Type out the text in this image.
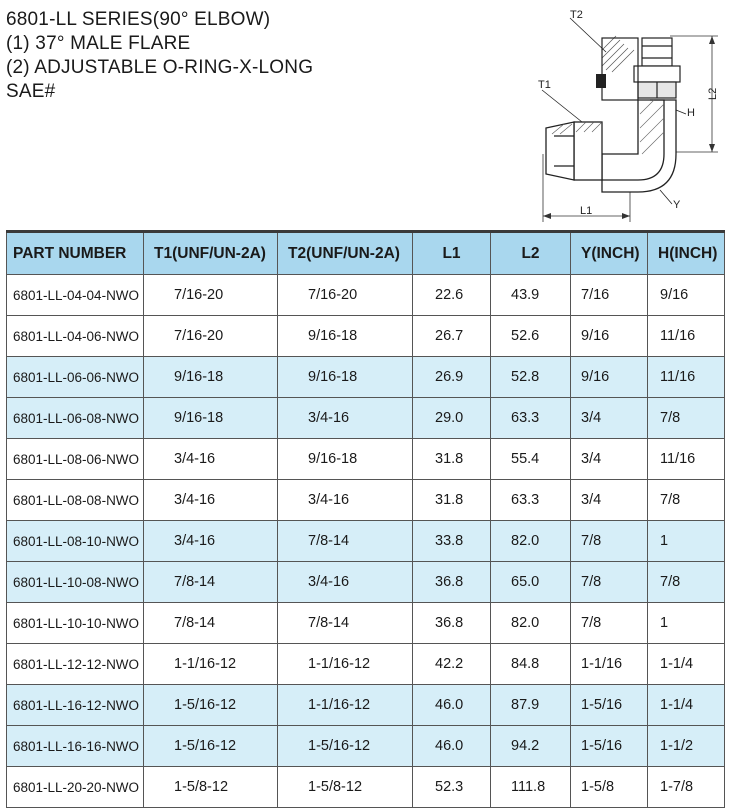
6801-LL SERIES(90° ELBOW)
(1) 37° MALE FLARE
(2) ADJUSTABLE O-RING-X-LONG
SAE#
T2
T1
H
L2
L1	Y
PART NUMBER	T1(UNF/UN-2A)	T2(UNF/UN-2A)	L1	L2	Y(INCH)	H(INCH)
6801-LL-04-04-NWO	7/16-20	7/16-20	22.6	43.9	7/16	9/16
6801-LL-04-06-NWO	7/16-20	9/16-18	26.7	52.6	9/16	11/16
6801-LL-06-06-NWO	9/16-18	9/16-18	26.9	52.8	9/16	11/16
6801-LL-06-08-NWO	9/16-18	3/4-16	29.0	63.3	3/4	7/8
6801-LL-08-06-NWO	3/4-16	9/16-18	31.8	55.4	3/4	11/16
6801-LL-08-08-NWO	3/4-16	3/4-16	31.8	63.3	3/4	7/8
6801-LL-08-10-NWO	3/4-16	7/8-14	33.8	82.0	7/8	1
6801-LL-10-08-NWO	7/8-14	3/4-16	36.8	65.0	7/8	7/8
6801-LL-10-10-NWO	7/8-14	7/8-14	36.8	82.0	7/8	1
6801-LL-12-12-NWO	1-1/16-12	1-1/16-12	42.2	84.8	1-1/16	1-1/4
6801-LL-16-12-NWO	1-5/16-12	1-1/16-12	46.0	87.9	1-5/16	1-1/4
6801-LL-16-16-NWO	1-5/16-12	1-5/16-12	46.0	94.2	1-5/16	1-1/2
6801-LL-20-20-NWO	1-5/8-12	1-5/8-12	52.3	111.8	1-5/8	1-7/8
